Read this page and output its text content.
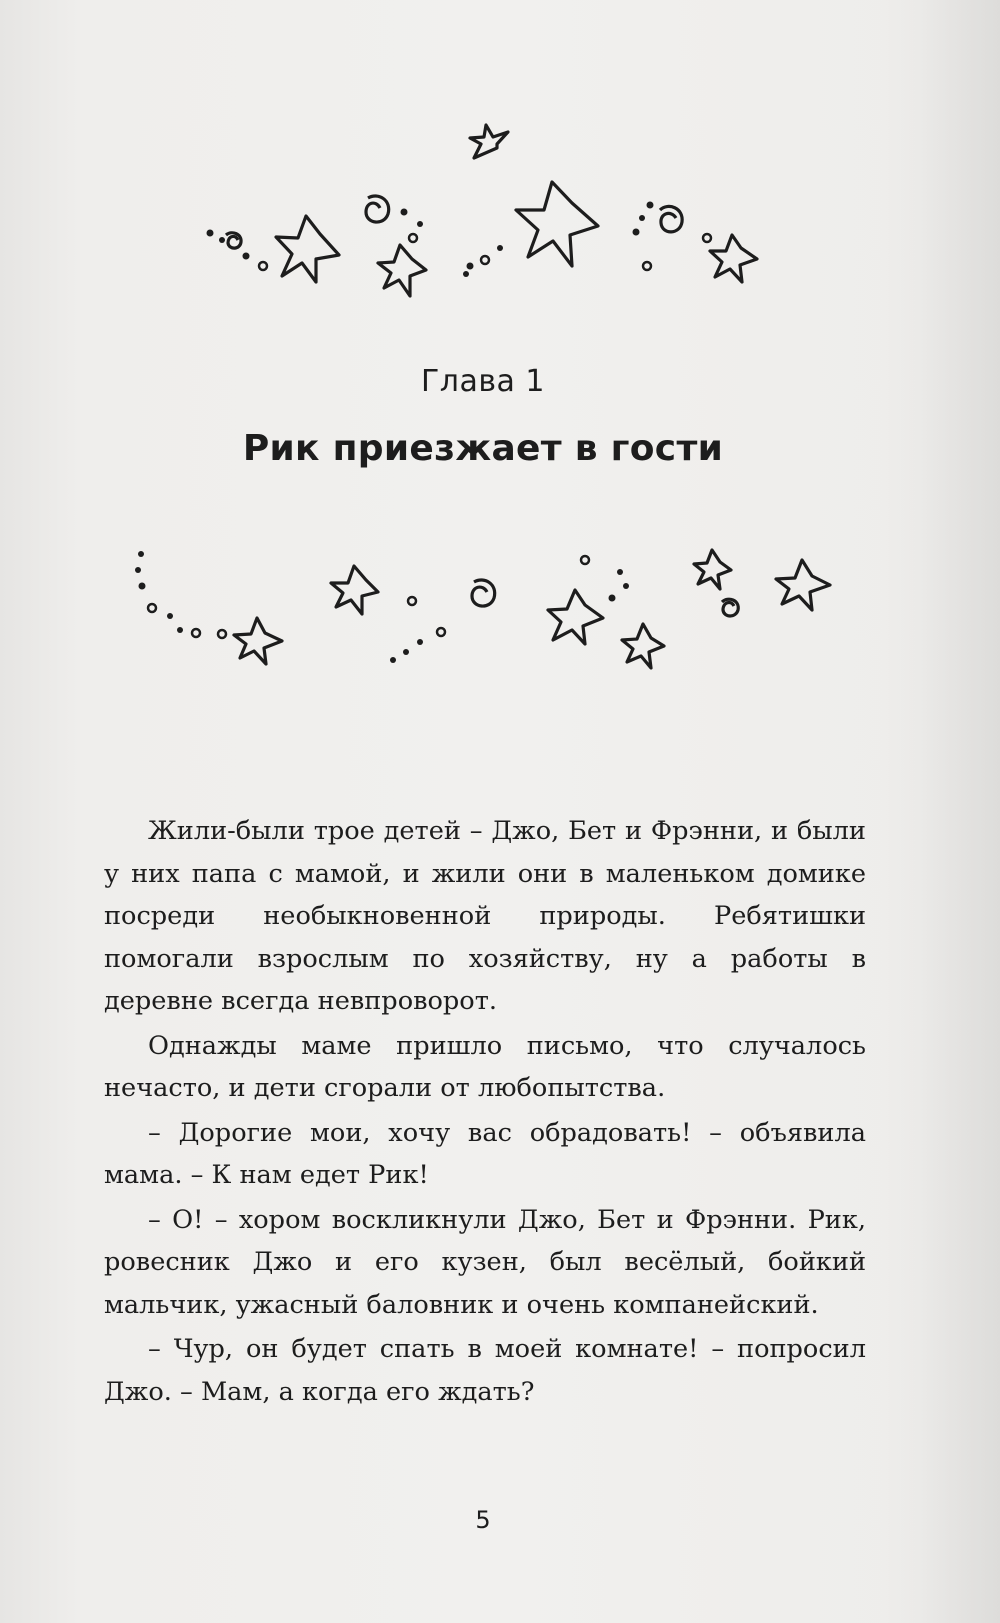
Глава 1
Рик приезжает в гости

Жили-были трое детей – Джо, Бет и Фрэнни, и были у них папа с мамой, и жили они в маленьком домике посреди необыкновенной природы. Ребятишки помогали взрослым по хозяйству, ну а работы в деревне всегда невпроворот.

Однажды маме пришло письмо, что случалось нечасто, и дети сгорали от любопытства.

– Дорогие мои, хочу вас обрадовать! – объявила мама. – К нам едет Рик!

– О! – хором воскликнули Джо, Бет и Фрэнни. Рик, ровесник Джо и его кузен, был весёлый, бойкий мальчик, ужасный баловник и очень компанейский.

– Чур, он будет спать в моей комнате! – попросил Джо. – Мам, а когда его ждать?

5
